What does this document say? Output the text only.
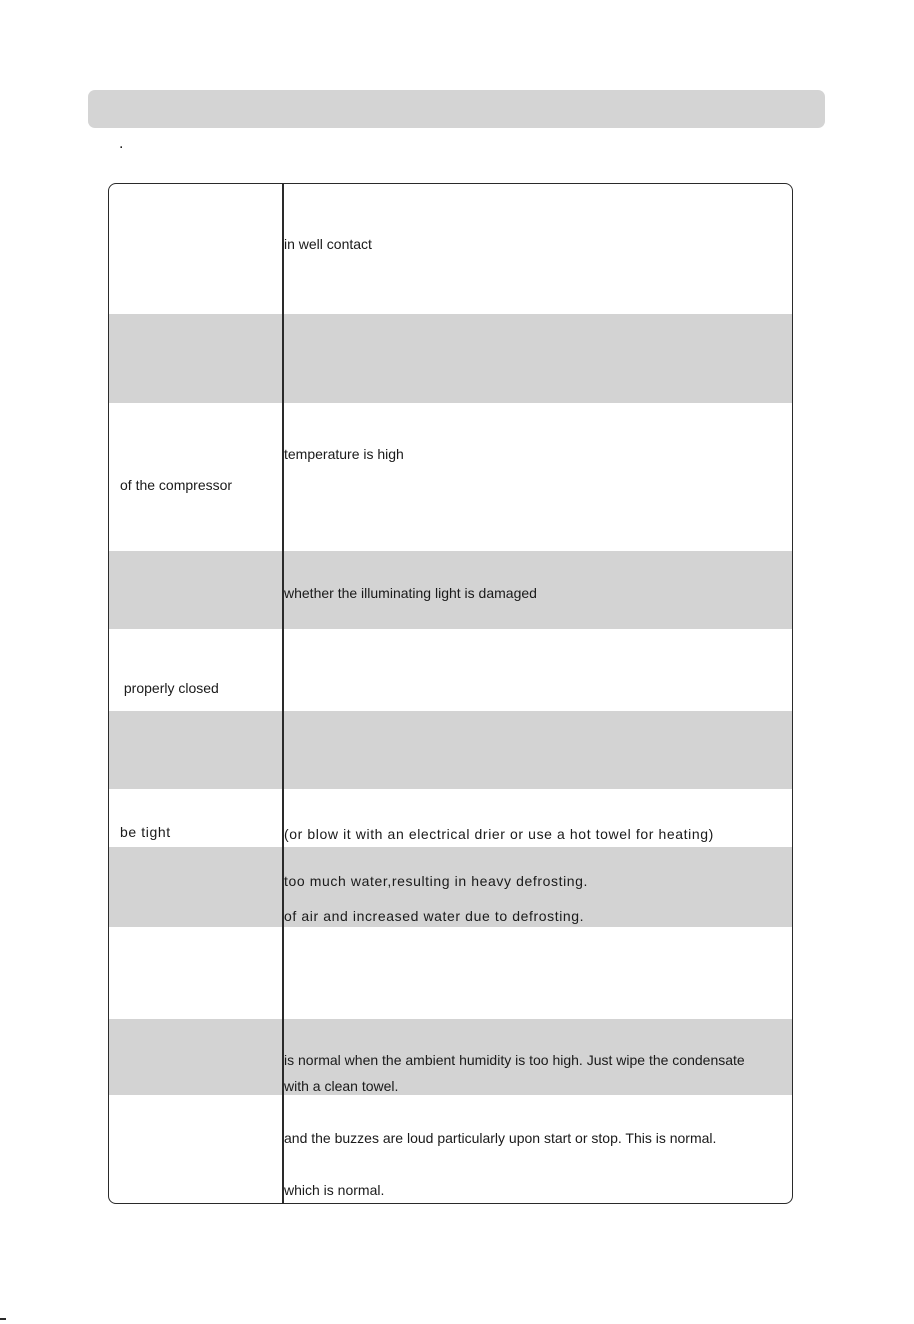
.
in well contact
of the compressor
temperature is high
whether the illuminating light is damaged
properly closed
be tight	(or blow it with an electrical drier or use a hot towel for heating)
too much water,resulting in heavy defrosting.
of air and increased water due to defrosting.
is normal when the ambient humidity is too high. Just wipe the condensate
with a clean towel.
and the buzzes are loud particularly upon start or stop. This is normal.
which is normal.
